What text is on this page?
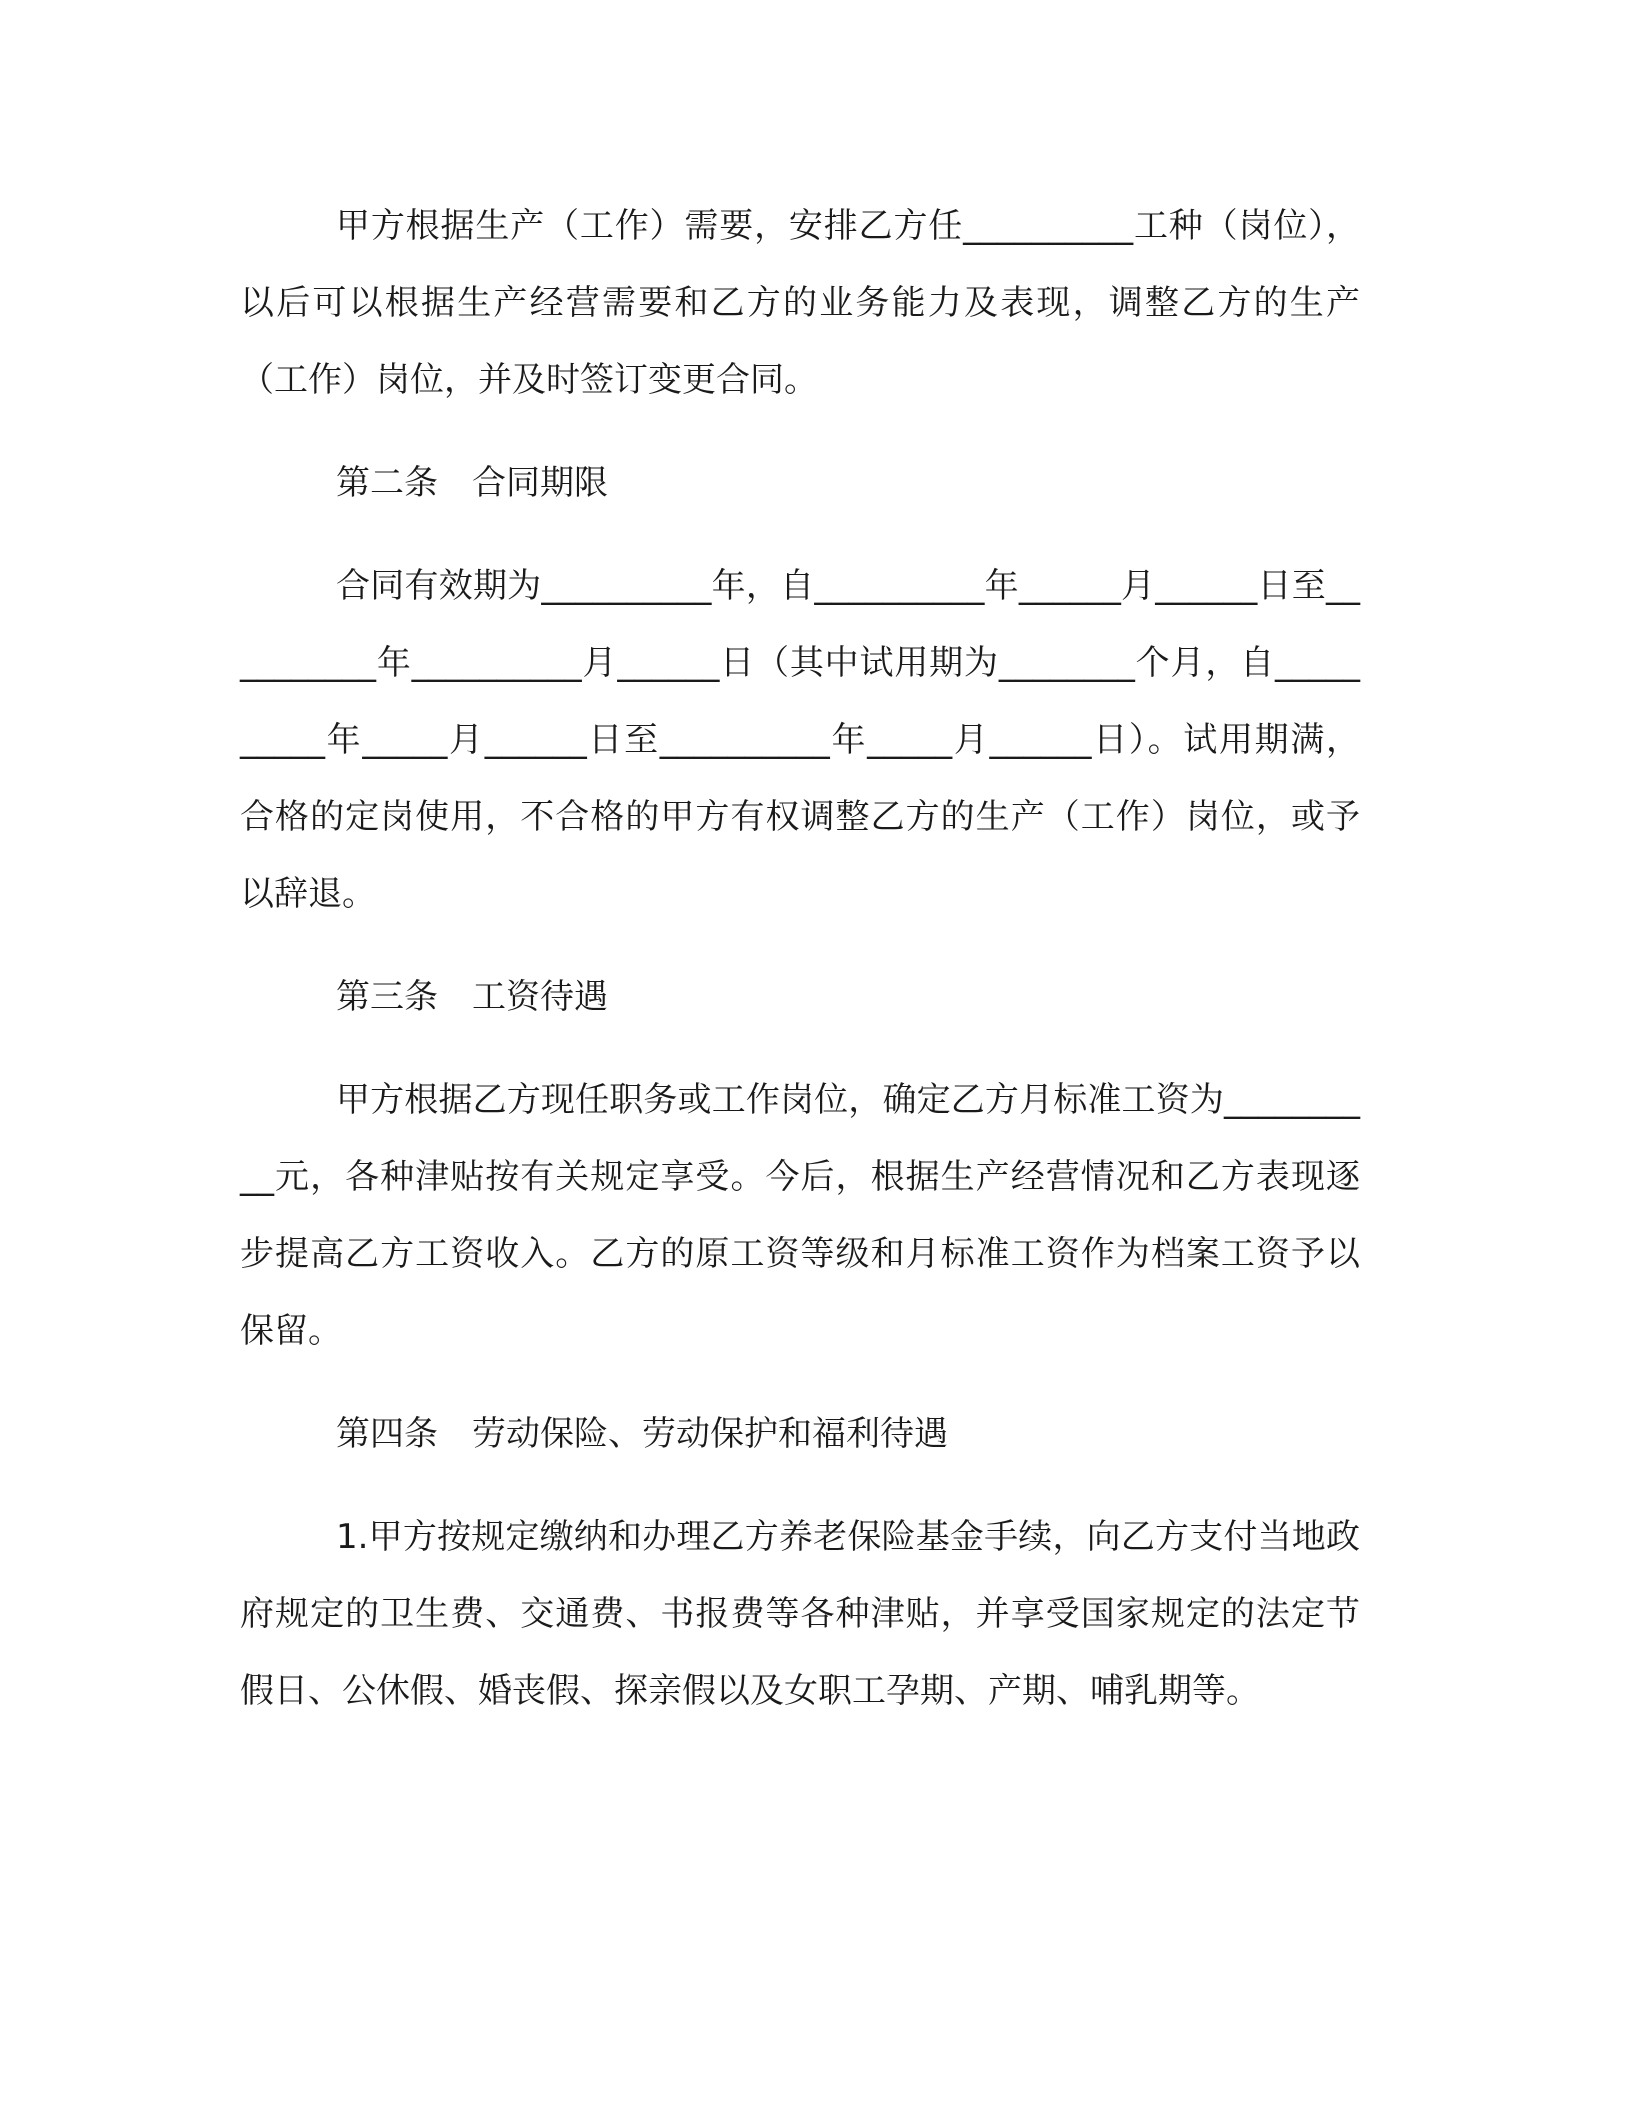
甲方根据生产（工作）需要，安排乙方任__________工种（岗位），以后可以根据生产经营需要和乙方的业务能力及表现，调整乙方的生产（工作）岗位，并及时签订变更合同。

第二条　合同期限

合同有效期为__________年，自__________年______月______日至__________年__________月______日（其中试用期为________个月，自__________年_____月______日至__________年_____月______日）。试用期满，合格的定岗使用，不合格的甲方有权调整乙方的生产（工作）岗位，或予以辞退。

第三条　工资待遇

甲方根据乙方现任职务或工作岗位，确定乙方月标准工资为__________元，各种津贴按有关规定享受。今后，根据生产经营情况和乙方表现逐步提高乙方工资收入。乙方的原工资等级和月标准工资作为档案工资予以保留。

第四条　劳动保险、劳动保护和福利待遇

1.甲方按规定缴纳和办理乙方养老保险基金手续，向乙方支付当地政府规定的卫生费、交通费、书报费等各种津贴，并享受国家规定的法定节假日、公休假、婚丧假、探亲假以及女职工孕期、产期、哺乳期等。
